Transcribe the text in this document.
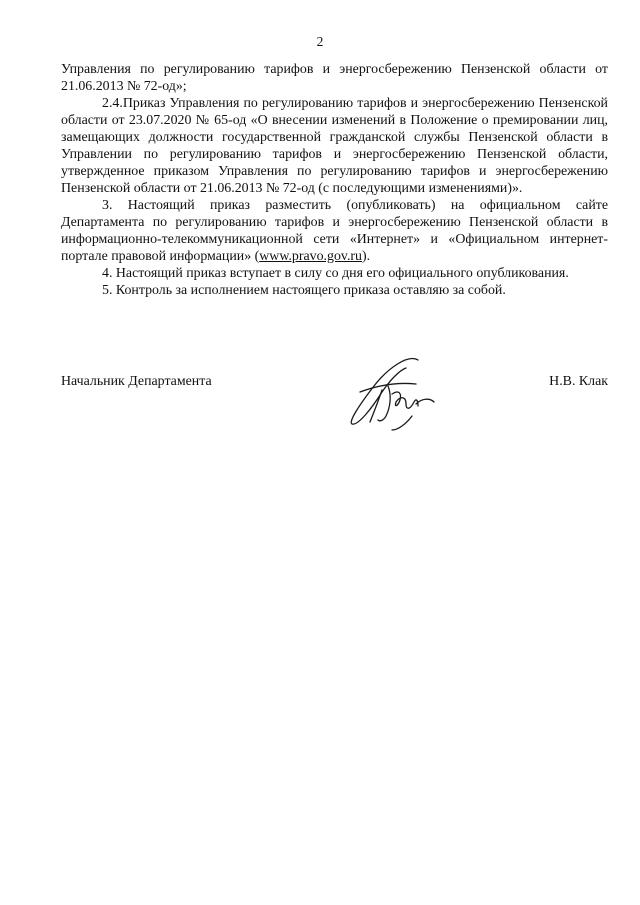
2

Управления по регулированию тарифов и энергосбережению Пензенской области от 21.06.2013 № 72-од»;

2.4.Приказ Управления по регулированию тарифов и энергосбережению Пензенской области от 23.07.2020 № 65-од «О внесении изменений в Положение о премировании лиц, замещающих должности государственной гражданской службы Пензенской области в Управлении по регулированию тарифов и энергосбережению Пензенской области, утвержденное приказом Управления по регулированию тарифов и энергосбережению Пензенской области от 21.06.2013 № 72-од (с последующими изменениями)».

3. Настоящий приказ разместить (опубликовать) на официальном сайте Департамента по регулированию тарифов и энергосбережению Пензенской области в информационно-телекоммуникационной сети «Интернет» и «Официальном интернет-портале правовой информации» (www.pravo.gov.ru).

4. Настоящий приказ вступает в силу со дня его официального опубликования.

5. Контроль за исполнением настоящего приказа оставляю за собой.

Начальник Департамента	Н.В. Клак
